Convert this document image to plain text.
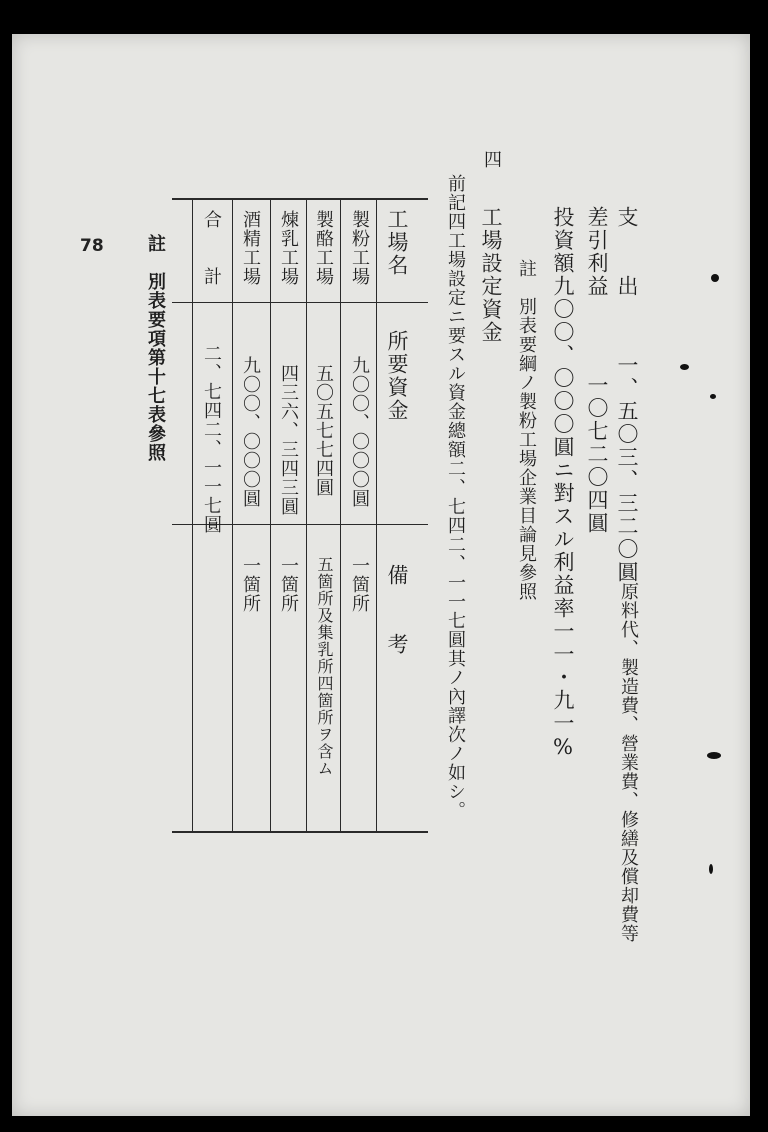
支　　出
一、五〇三、三二〇圓
原料代、製造費、營業費、修繕及償却費等
差引利益
一〇七二〇四圓
投資額九〇〇、〇〇〇圓ニ對スル利益率一一・九一%
註　別表要綱ノ製粉工場企業目論見參照
四
工場設定資金
前記四工場設定ニ要スル資金總額二、七四二、一一七圓其ノ內譯次ノ如シ。
工場名
所要資金
備　　考
製粉工場
九〇〇、〇〇〇圓
一箇所
製酪工場
五〇五七七四圓
五箇所及集乳所四箇所ヲ含ム
煉乳工場
四三六、三四三圓
一箇所
酒精工場
九〇〇、〇〇〇圓
一箇所
合　　計
二、七四二、一一七圓
註　別表要項第十七表參照
78
